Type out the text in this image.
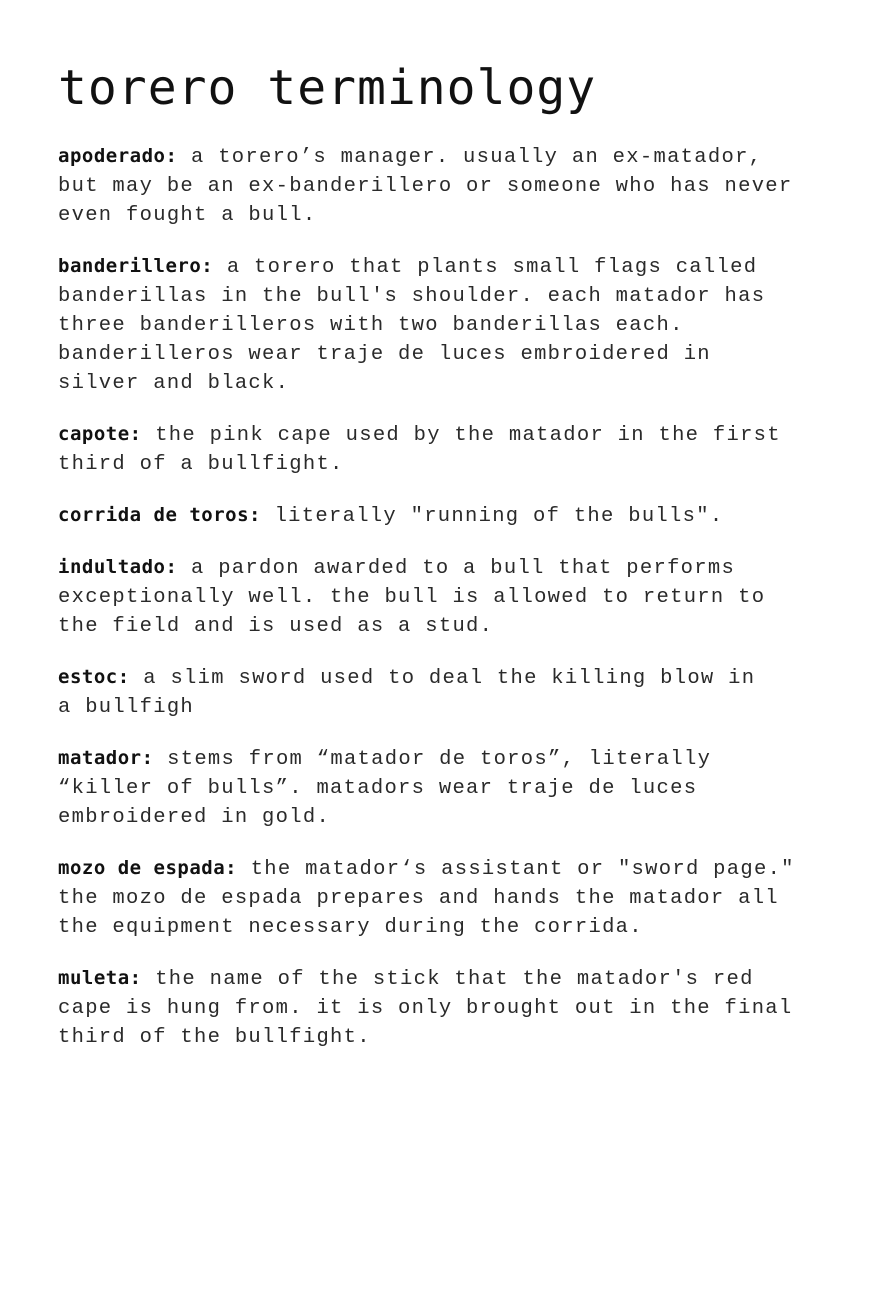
torero terminology

apoderado: a torero’s manager. usually an ex-matador,
but may be an ex-banderillero or someone who has never
even fought a bull.

banderillero: a torero that plants small flags called
banderillas in the bull's shoulder. each matador has
three banderilleros with two banderillas each.
banderilleros wear traje de luces embroidered in
silver and black.

capote: the pink cape used by the matador in the first
third of a bullfight.

corrida de toros: literally "running of the bulls".

indultado: a pardon awarded to a bull that performs
exceptionally well. the bull is allowed to return to
the field and is used as a stud.

estoc: a slim sword used to deal the killing blow in
a bullfigh

matador: stems from “matador de toros”, literally
“killer of bulls”. matadors wear traje de luces
embroidered in gold.

mozo de espada: the matador‘s assistant or "sword page."
the mozo de espada prepares and hands the matador all
the equipment necessary during the corrida.

muleta: the name of the stick that the matador's red
cape is hung from. it is only brought out in the final
third of the bullfight.
